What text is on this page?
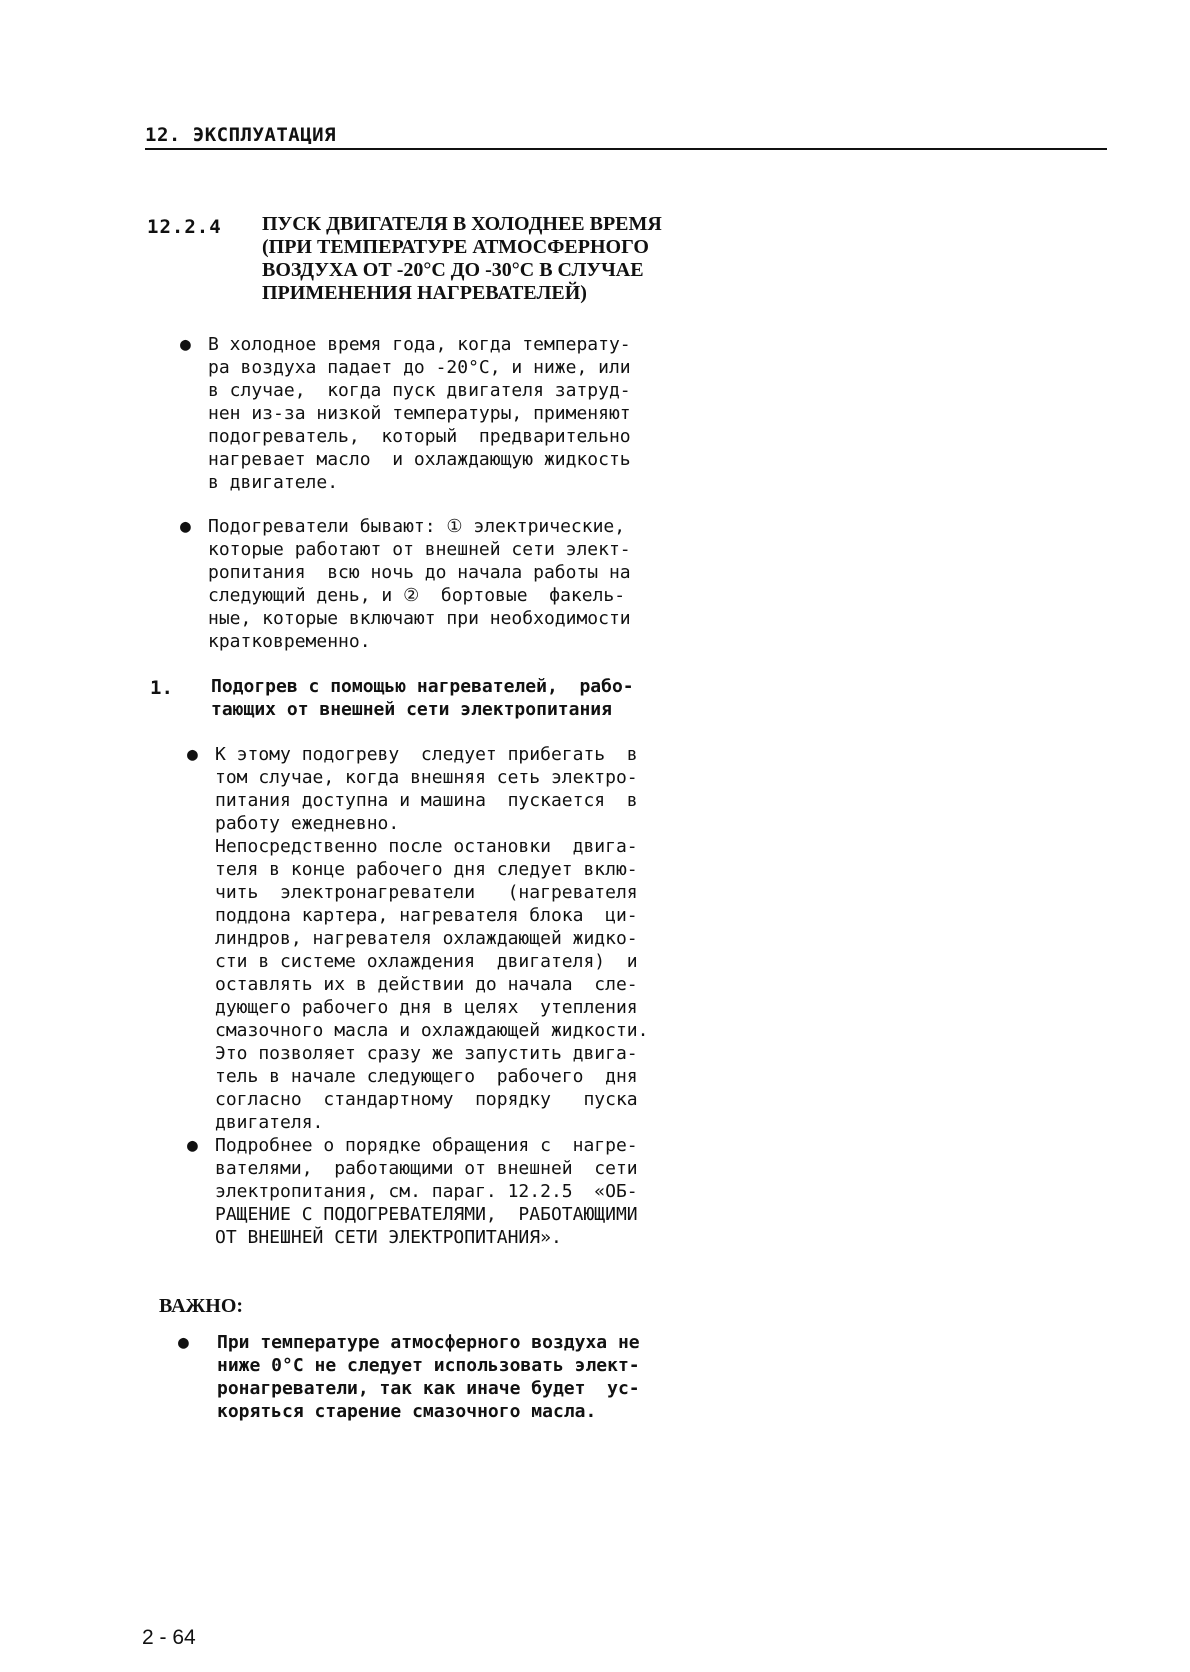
12. ЭКСПЛУАТАЦИЯ
12.2.4 ПУСК ДВИГАТЕЛЯ В ХОЛОДНЕЕ ВРЕМЯ
(ПРИ ТЕМПЕРАТУРЕ АТМОСФЕРНОГО
ВОЗДУХА ОТ -20°С ДО -30°С В СЛУЧАЕ
ПРИМЕНЕНИЯ НАГРЕВАТЕЛЕЙ)
● В холодное время года, когда температу-
ра воздуха падает до -20°С, и ниже, или
в случае,  когда пуск двигателя затруд-
нен из-за низкой температуры, применяют
подогреватель,  который  предварительно
нагревает масло  и охлаждающую жидкость
в двигателе.

● Подогреватели бывают: ① электрические,
которые работают от внешней сети элект-
ропитания  всю ночь до начала работы на
следующий день, и ②  бортовые  факель-
ные, которые включают при необходимости
кратковременно.

1. Подогрев с помощью нагревателей,  рабо-
тающих от внешней сети электропитания
● К этому подогреву  следует прибегать  в
том случае, когда внешняя сеть электро-
питания доступна и машина  пускается  в
работу ежедневно.
Непосредственно после остановки  двига-
теля в конце рабочего дня следует вклю-
чить  электронагреватели   (нагревателя
поддона картера, нагревателя блока  ци-
линдров, нагревателя охлаждающей жидко-
сти в системе охлаждения  двигателя)  и
оставлять их в действии до начала  сле-
дующего рабочего дня в целях  утепления
смазочного масла и охлаждающей жидкости.
Это позволяет сразу же запустить двига-
тель в начале следующего  рабочего  дня
согласно  стандартному  порядку   пуска
двигателя.

● Подробнее о порядке обращения с  нагре-
вателями,  работающими от внешней  сети
электропитания, см. параг. 12.2.5  «ОБ-
РАЩЕНИЕ С ПОДОГРЕВАТЕЛЯМИ,  РАБОТАЮЩИМИ
ОТ ВНЕШНЕЙ СЕТИ ЭЛЕКТРОПИТАНИЯ».

ВАЖНО:
● При температуре атмосферного воздуха не
ниже 0°С не следует использовать элект-
ронагреватели, так как иначе будет  ус-
коряться старение смазочного масла.

2 - 64
